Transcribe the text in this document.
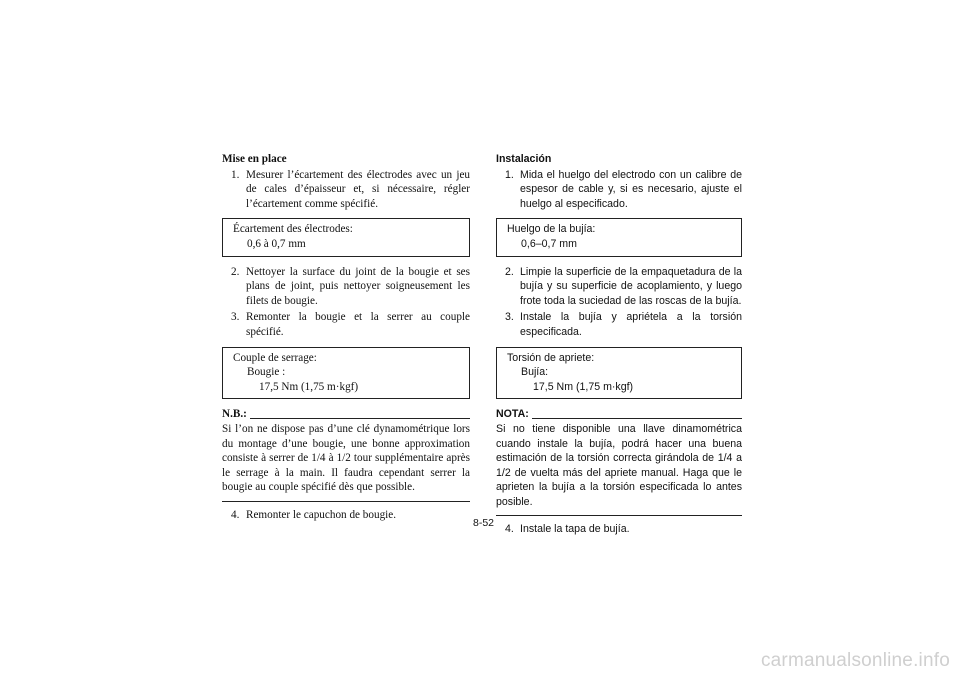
Mise en place
1. Mesurer l’écartement des électrodes avec un jeu de cales d’épaisseur et, si nécessaire, régler l’écartement comme spécifié.
Écartement des électrodes:
0,6 à 0,7 mm
2. Nettoyer la surface du joint de la bougie et ses plans de joint, puis nettoyer soigneusement les filets de bougie.
3. Remonter la bougie et la serrer au couple spécifié.
Couple de serrage:
Bougie :
17,5 Nm (1,75 m·kgf)
N.B.:
Si l’on ne dispose pas d’une clé dynamométrique lors du montage d’une bougie, une bonne approximation consiste à serrer de 1/4 à 1/2 tour supplémentaire après le serrage à la main. Il faudra cependant serrer la bougie au couple spécifié dès que possible.
4. Remonter le capuchon de bougie.
Instalación
1. Mida el huelgo del electrodo con un calibre de espesor de cable y, si es necesario, ajuste el huelgo al especificado.
Huelgo de la bujía:
0,6–0,7 mm
2. Limpie la superficie de la empaquetadura de la bujía y su superficie de acoplamiento, y luego frote toda la suciedad de las roscas de la bujía.
3. Instale la bujía y apriétela a la torsión especificada.
Torsión de apriete:
Bujía:
17,5 Nm (1,75 m·kgf)
NOTA:
Si no tiene disponible una llave dinamométrica cuando instale la bujía, podrá hacer una buena estimación de la torsión correcta girándola de 1/4 a 1/2 de vuelta más del apriete manual. Haga que le aprieten la bujía a la torsión especificada lo antes posible.
4. Instale la tapa de bujía.
8-52
carmanualsonline.info
